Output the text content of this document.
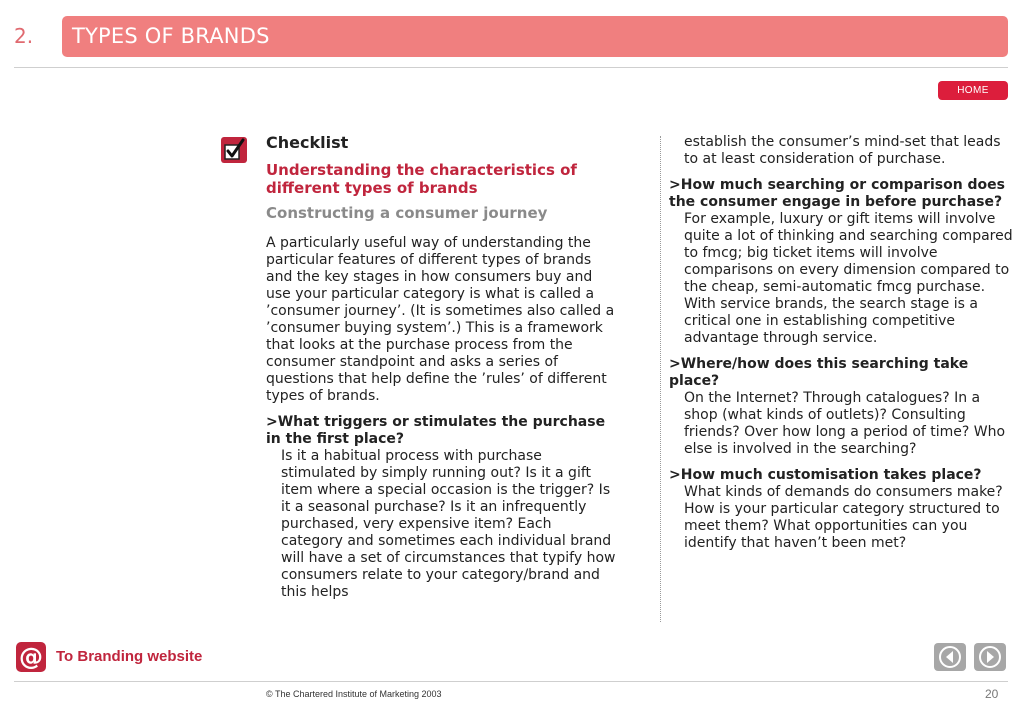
2. TYPES OF BRANDS
HOME

Checklist

Understanding the characteristics of different types of brands

Constructing a consumer journey

A particularly useful way of understanding the particular features of different types of brands and the key stages in how consumers buy and use your particular category is what is called a ’consumer journey’. (It is sometimes also called a ’consumer buying system’.) This is a framework that looks at the purchase process from the consumer standpoint and asks a series of questions that help define the ’rules’ of different types of brands.

>What triggers or stimulates the purchase in the first place?

Is it a habitual process with purchase stimulated by simply running out? Is it a gift item where a special occasion is the trigger? Is it a seasonal purchase? Is it an infrequently purchased, very expensive item? Each category and sometimes each individual brand will have a set of circumstances that typify how consumers relate to your category/brand and this helps

establish the consumer’s mind-set that leads to at least consideration of purchase.

>How much searching or comparison does the consumer engage in before purchase?

For example, luxury or gift items will involve quite a lot of thinking and searching compared to fmcg; big ticket items will involve comparisons on every dimension compared to the cheap, semi-automatic fmcg purchase. With service brands, the search stage is a critical one in establishing competitive advantage through service.

>Where/how does this searching take place?

On the Internet? Through catalogues? In a shop (what kinds of outlets)? Consulting friends? Over how long a period of time? Who else is involved in the searching?

>How much customisation takes place?

What kinds of demands do consumers make? How is your particular category structured to meet them? What opportunities can you identify that haven’t been met?

@ To Branding website
© The Chartered Institute of Marketing 2003	20
